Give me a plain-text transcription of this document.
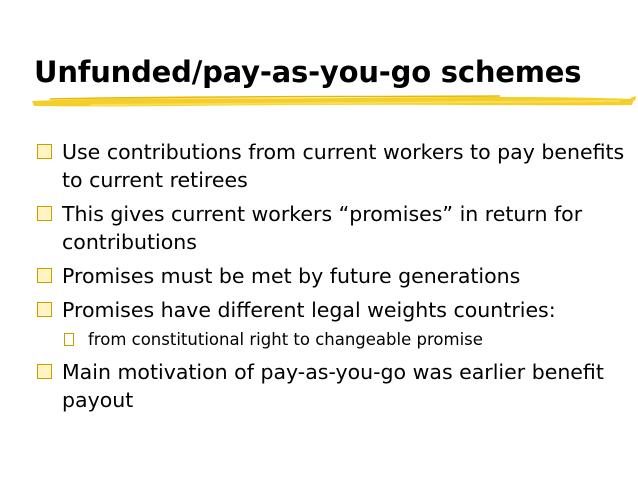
Unfunded/pay-as-you-go schemes
Use contributions from current workers to pay benefits to current retirees
This gives current workers “promises” in return for contributions
Promises must be met by future generations
Promises have different legal weights countries:
from constitutional right to changeable promise
Main motivation of pay-as-you-go was earlier benefit payout
